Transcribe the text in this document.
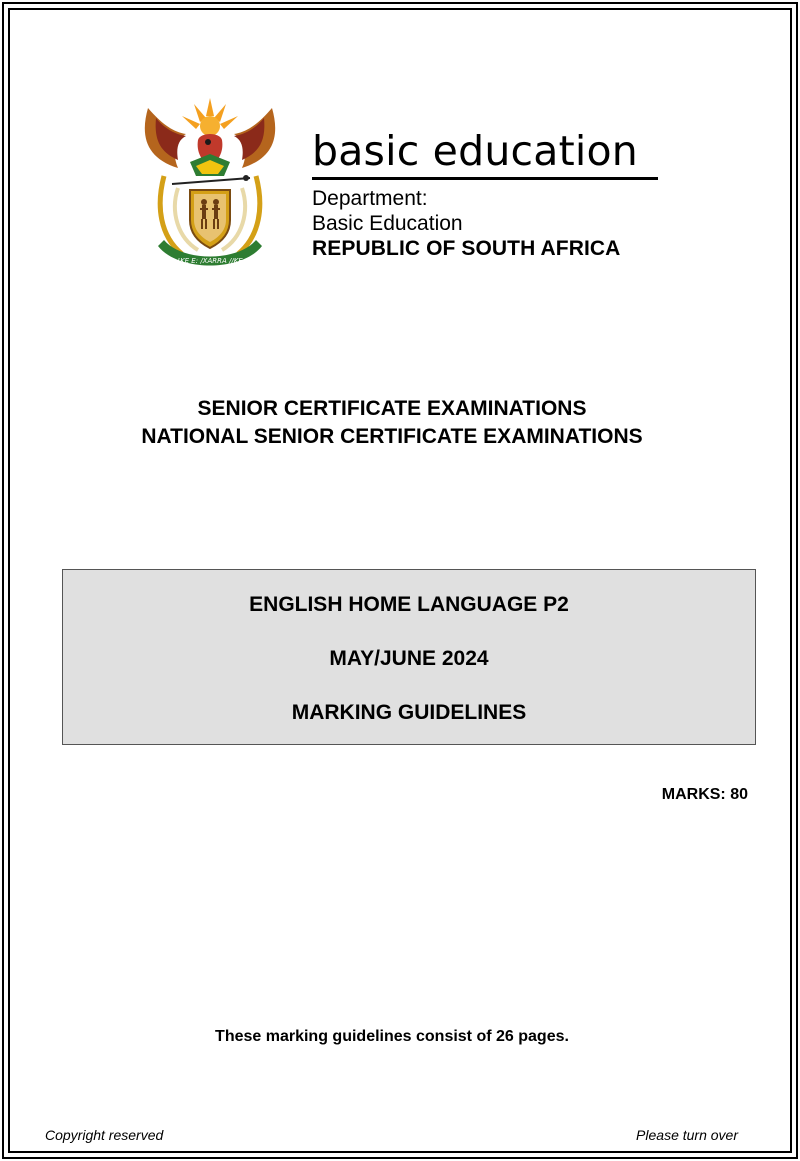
!KE E: /XARRA //KE
basic education
Department:
Basic Education
REPUBLIC OF SOUTH AFRICA
SENIOR CERTIFICATE EXAMINATIONS
NATIONAL SENIOR CERTIFICATE EXAMINATIONS
ENGLISH HOME LANGUAGE P2
MAY/JUNE 2024
MARKING GUIDELINES
MARKS: 80
These marking guidelines consist of 26 pages.
Copyright reserved	Please turn over
